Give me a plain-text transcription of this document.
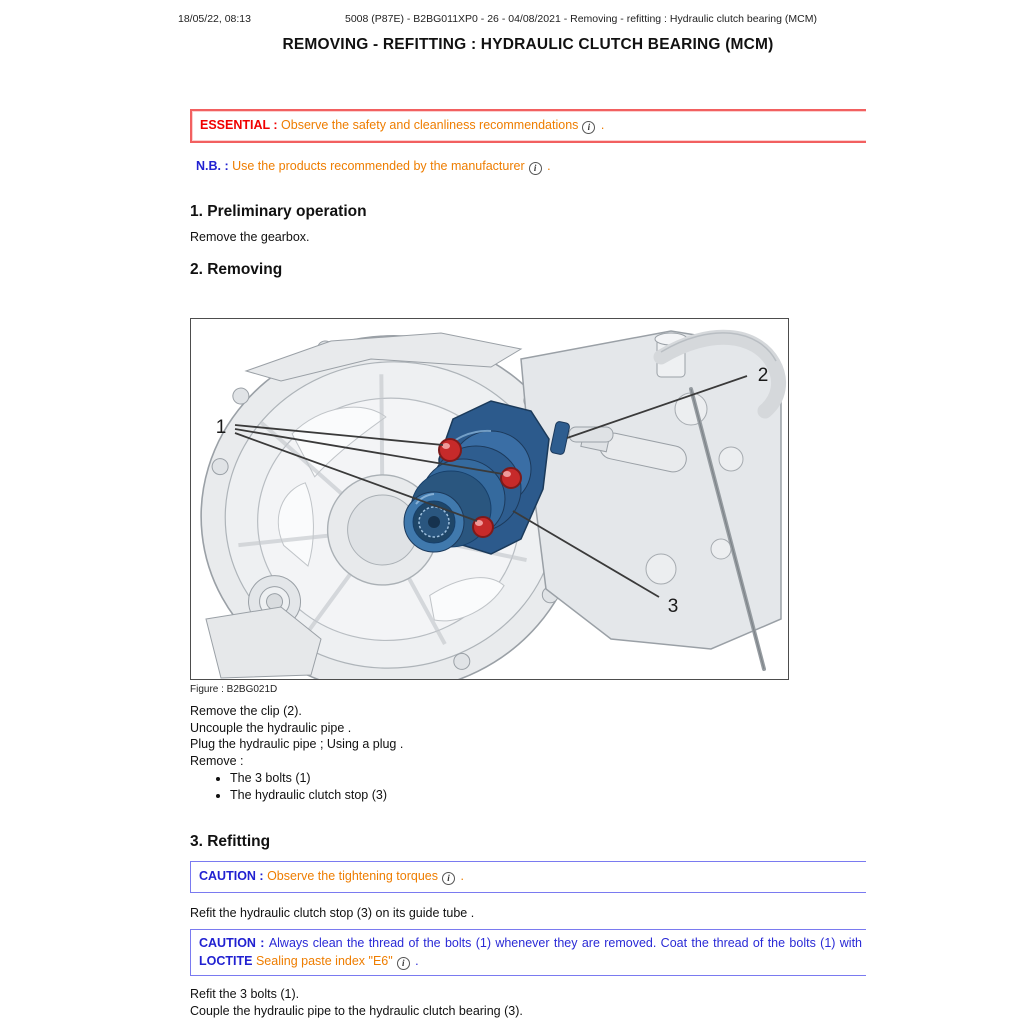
18/05/22, 08:13	5008 (P87E) - B2BG011XP0 - 26 - 04/08/2021 - Removing - refitting : Hydraulic clutch bearing (MCM)
REMOVING - REFITTING : HYDRAULIC CLUTCH BEARING (MCM)
ESSENTIAL : Observe the safety and cleanliness recommendations i .
N.B. : Use the products recommended by the manufacturer i .
1. Preliminary operation
Remove the gearbox.
2. Removing
1
2
3
Figure : B2BG021D
Remove the clip (2).
Uncouple the hydraulic pipe .
Plug the hydraulic pipe ; Using a plug .
Remove :
• The 3 bolts (1)
• The hydraulic clutch stop (3)
3. Refitting
CAUTION : Observe the tightening torques i .
Refit the hydraulic clutch stop (3) on its guide tube .
CAUTION : Always clean the thread of the bolts (1) whenever they are removed. Coat the thread of the bolts (1) with
LOCTITE Sealing paste index "E6" i .
Refit the 3 bolts (1).
Couple the hydraulic pipe to the hydraulic clutch bearing (3).
